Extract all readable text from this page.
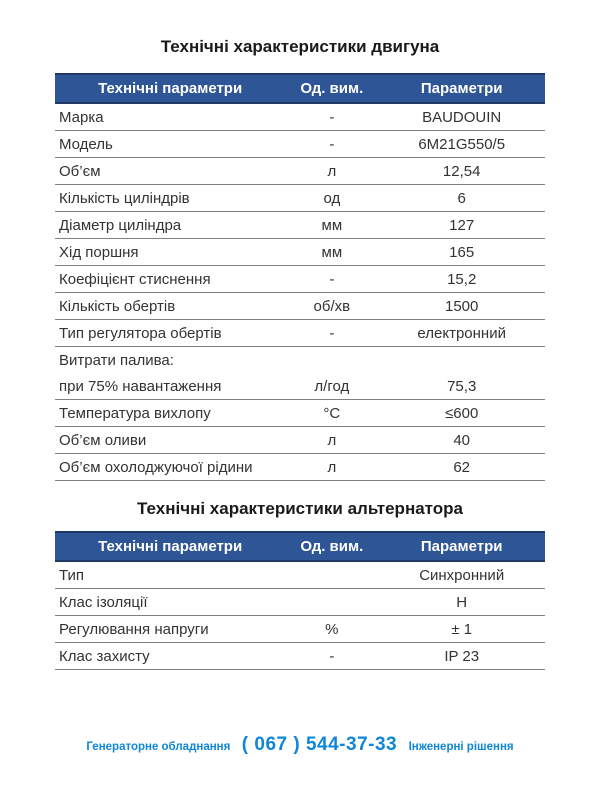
Технічні характеристики двигуна
Технічні параметри	Од. вим.	Параметри
Марка	-	BAUDOUIN
Модель	-	6M21G550/5
Об’єм	л	12,54
Кількість циліндрів	од	6
Діаметр циліндра	мм	127
Хід поршня	мм	165
Коефіцієнт стиснення	-	15,2
Кількість обертів	об/хв	1500
Тип регулятора обертів	-	електронний
Витрати палива:		
при 75% навантаження	л/год	75,3
Температура вихлопу	°C	≤600
Об’єм оливи	л	40
Об’єм охолоджуючої рідини	л	62
Технічні характеристики альтернатора
Технічні параметри	Од. вим.	Параметри
Тип		Синхронний
Клас ізоляції		H
Регулювання напруги	%	± 1
Клас захисту	-	IP 23
Генераторне обладнання ( 067 ) 544-37-33 Інженерні рішення
